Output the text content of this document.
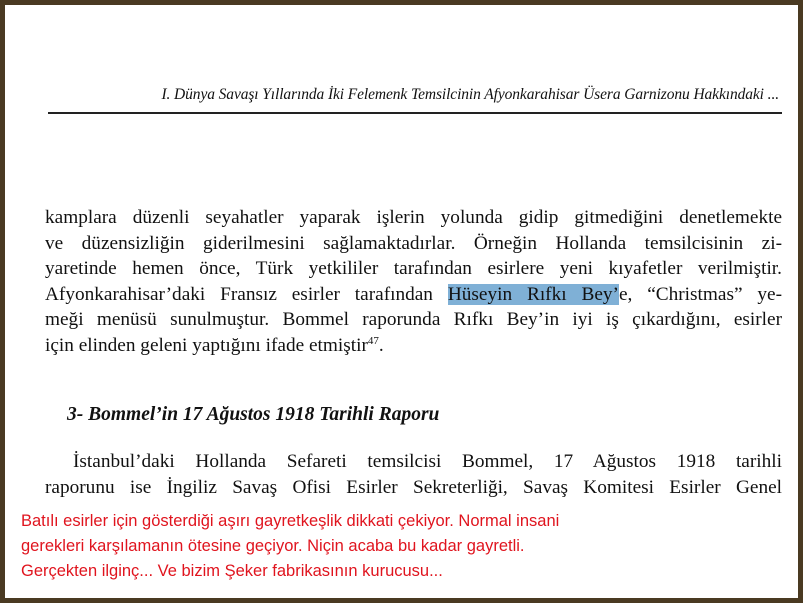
I. Dünya Savaşı Yıllarında İki Felemenk Temsilcinin Afyonkarahisar Üsera Garnizonu Hakkındaki ...
kamplara düzenli seyahatler yaparak işlerin yolunda gidip gitmediğini denetlemekte
ve düzensizliğin giderilmesini sağlamaktadırlar. Örneğin Hollanda temsilcisinin zi-
yaretinde hemen önce, Türk yetkililer tarafından esirlere yeni kıyafetler verilmiştir.
Afyonkarahisar’daki Fransız esirler tarafından Hüseyin Rıfkı Bey’e, “Christmas” ye-
meği menüsü sunulmuştur. Bommel raporunda Rıfkı Bey’in iyi iş çıkardığını, esirler
için elinden geleni yaptığını ifade etmiştir$^{47}$.
3- Bommel’in 17 Ağustos 1918 Tarihli Raporu
İstanbul’daki Hollanda Sefareti temsilcisi Bommel, 17 Ağustos 1918 tarihli
raporunu ise İngiliz Savaş Ofisi Esirler Sekreterliği, Savaş Komitesi Esirler Genel
Batılı esirler için gösterdiği aşırı gayretkeşlik dikkati çekiyor. Normal insani
gerekleri karşılamanın ötesine geçiyor. Niçin acaba bu kadar gayretli.
Gerçekten ilginç... Ve bizim Şeker fabrikasının kurucusu...
